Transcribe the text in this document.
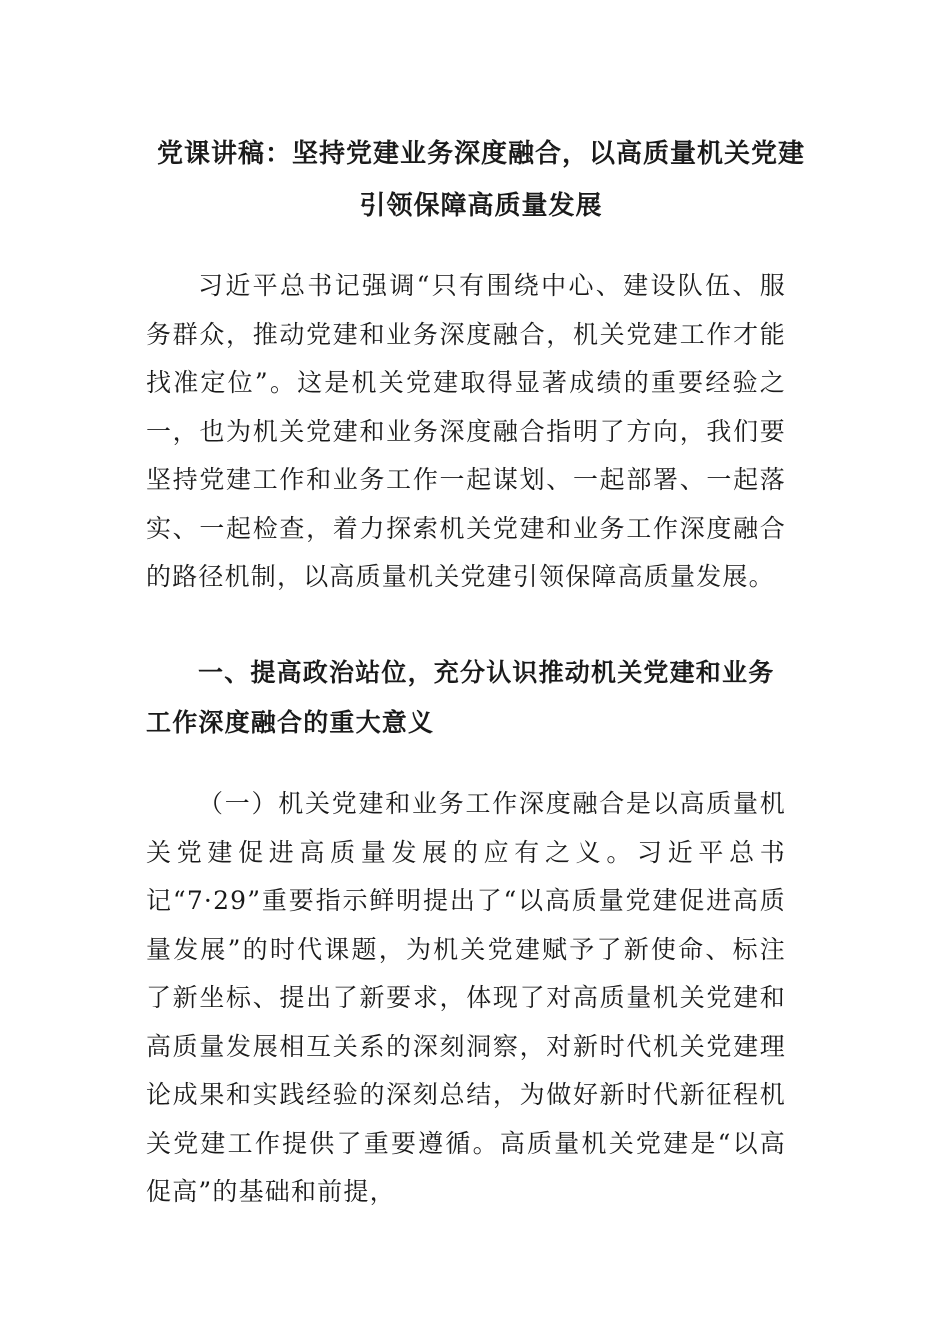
党课讲稿：坚持党建业务深度融合，以高质量机关党建引领保障高质量发展

习近平总书记强调“只有围绕中心、建设队伍、服务群众，推动党建和业务深度融合，机关党建工作才能找准定位”。这是机关党建取得显著成绩的重要经验之一，也为机关党建和业务深度融合指明了方向，我们要坚持党建工作和业务工作一起谋划、一起部署、一起落实、一起检查，着力探索机关党建和业务工作深度融合的路径机制，以高质量机关党建引领保障高质量发展。

一、提高政治站位，充分认识推动机关党建和业务工作深度融合的重大意义

（一）机关党建和业务工作深度融合是以高质量机关党建促进高质量发展的应有之义。习近平总书记“7·29”重要指示鲜明提出了“以高质量党建促进高质量发展”的时代课题，为机关党建赋予了新使命、标注了新坐标、提出了新要求，体现了对高质量机关党建和高质量发展相互关系的深刻洞察，对新时代机关党建理论成果和实践经验的深刻总结，为做好新时代新征程机关党建工作提供了重要遵循。高质量机关党建是“以高促高”的基础和前提，
